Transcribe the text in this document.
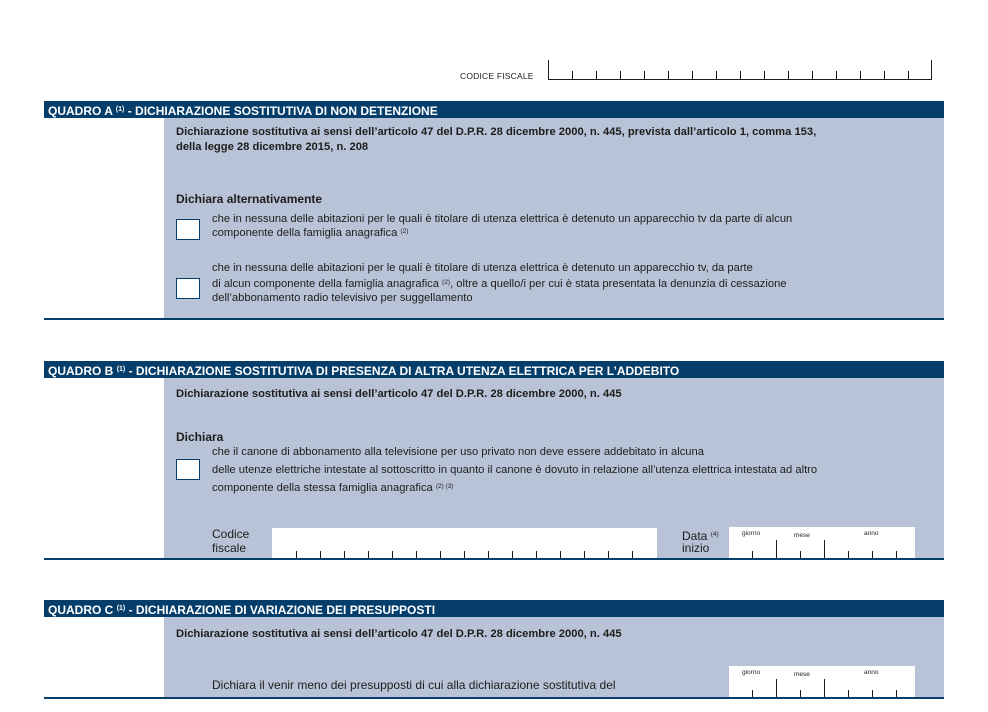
CODICE FISCALE
QUADRO A $^{(1)}$ - DICHIARAZIONE SOSTITUTIVA DI NON DETENZIONE
Dichiarazione sostitutiva ai sensi dell’articolo 47 del D.P.R. 28 dicembre 2000, n. 445, prevista dall’articolo 1, comma 153,
della legge 28 dicembre 2015, n. 208
Dichiara alternativamente
che in nessuna delle abitazioni per le quali è titolare di utenza elettrica è detenuto un apparecchio tv da parte di alcun
componente della famiglia anagrafica $^{(2)}$
che in nessuna delle abitazioni per le quali è titolare di utenza elettrica è detenuto un apparecchio tv, da parte
di alcun componente della famiglia anagrafica $^{(2)}$, oltre a quello/i per cui è stata presentata la denunzia di cessazione
dell’abbonamento radio televisivo per suggellamento
QUADRO B $^{(1)}$ - DICHIARAZIONE SOSTITUTIVA DI PRESENZA DI ALTRA UTENZA ELETTRICA PER L’ADDEBITO
Dichiarazione sostitutiva ai sensi dell’articolo 47 del D.P.R. 28 dicembre 2000, n. 445
Dichiara
che il canone di abbonamento alla televisione per uso privato non deve essere addebitato in alcuna
delle utenze elettriche intestate al sottoscritto in quanto il canone è dovuto in relazione all’utenza elettrica intestata ad altro
componente della stessa famiglia anagrafica $^{(2) (3)}$
Codice
fiscale
Data $^{(4)}$
inizio
giorno	mese	anno
QUADRO C $^{(1)}$ - DICHIARAZIONE DI VARIAZIONE DEI PRESUPPOSTI
Dichiarazione sostitutiva ai sensi dell’articolo 47 del D.P.R. 28 dicembre 2000, n. 445
Dichiara il venir meno dei presupposti di cui alla dichiarazione sostitutiva del
giorno	mese	anno
